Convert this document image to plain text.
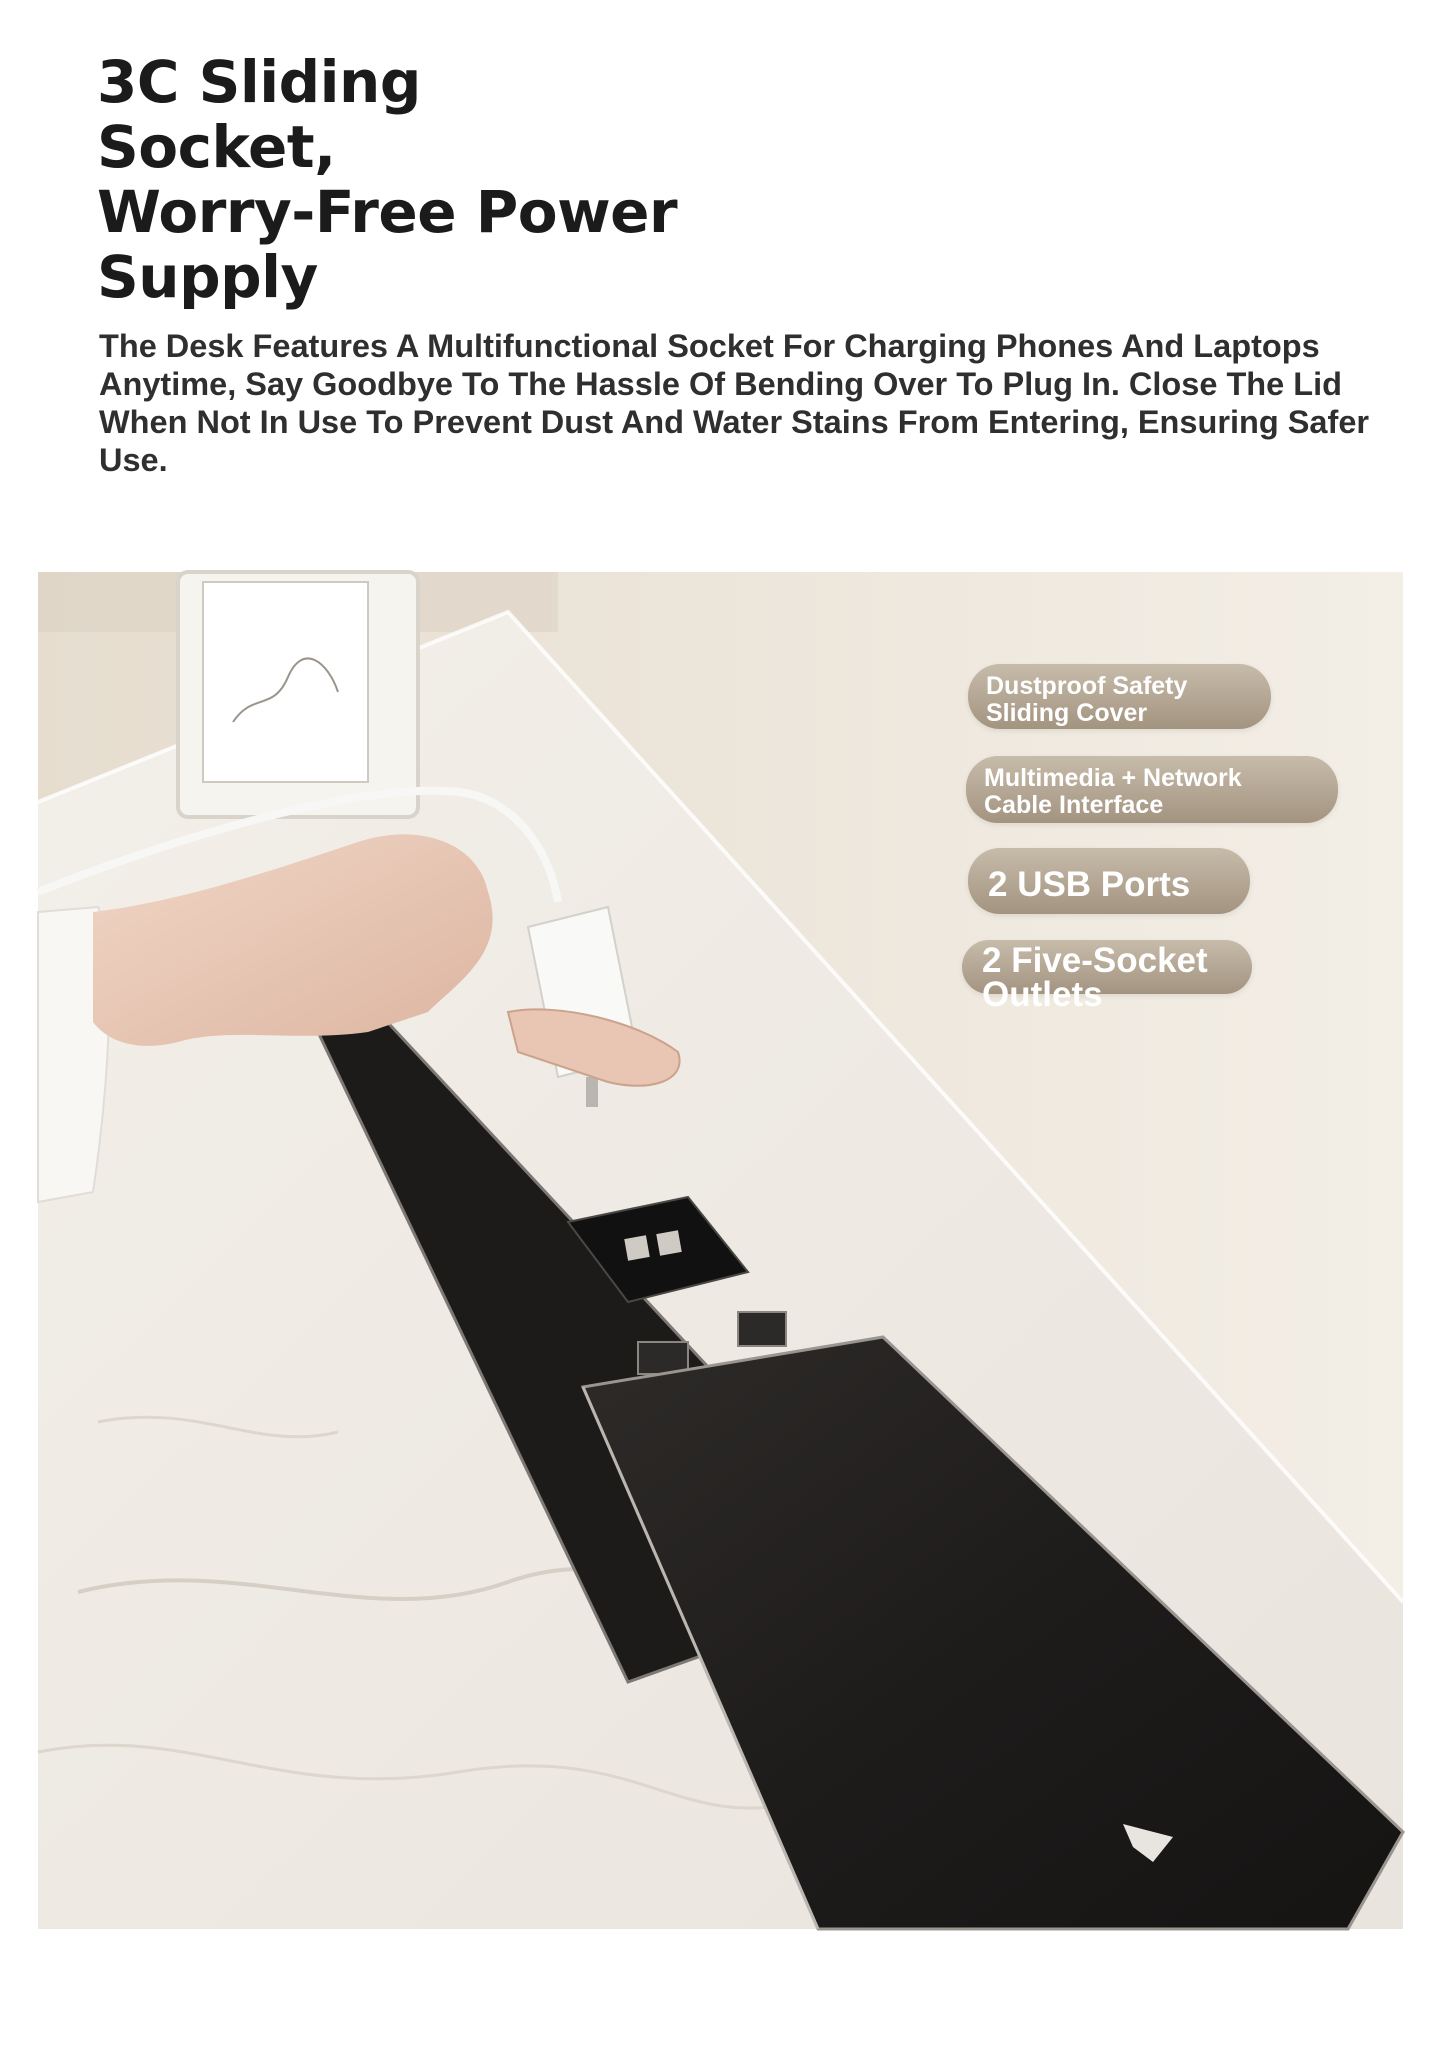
3C Sliding
Socket,
Worry-Free Power
Supply

The Desk Features A Multifunctional Socket For Charging Phones And Laptops Anytime, Say Goodbye To The Hassle Of Bending Over To Plug In. Close The Lid When Not In Use To Prevent Dust And Water Stains From Entering, Ensuring Safer Use.

Dustproof Safety
Sliding Cover
Multimedia + Network
Cable Interface
2 USB Ports
2 Five-Socket
Outlets
